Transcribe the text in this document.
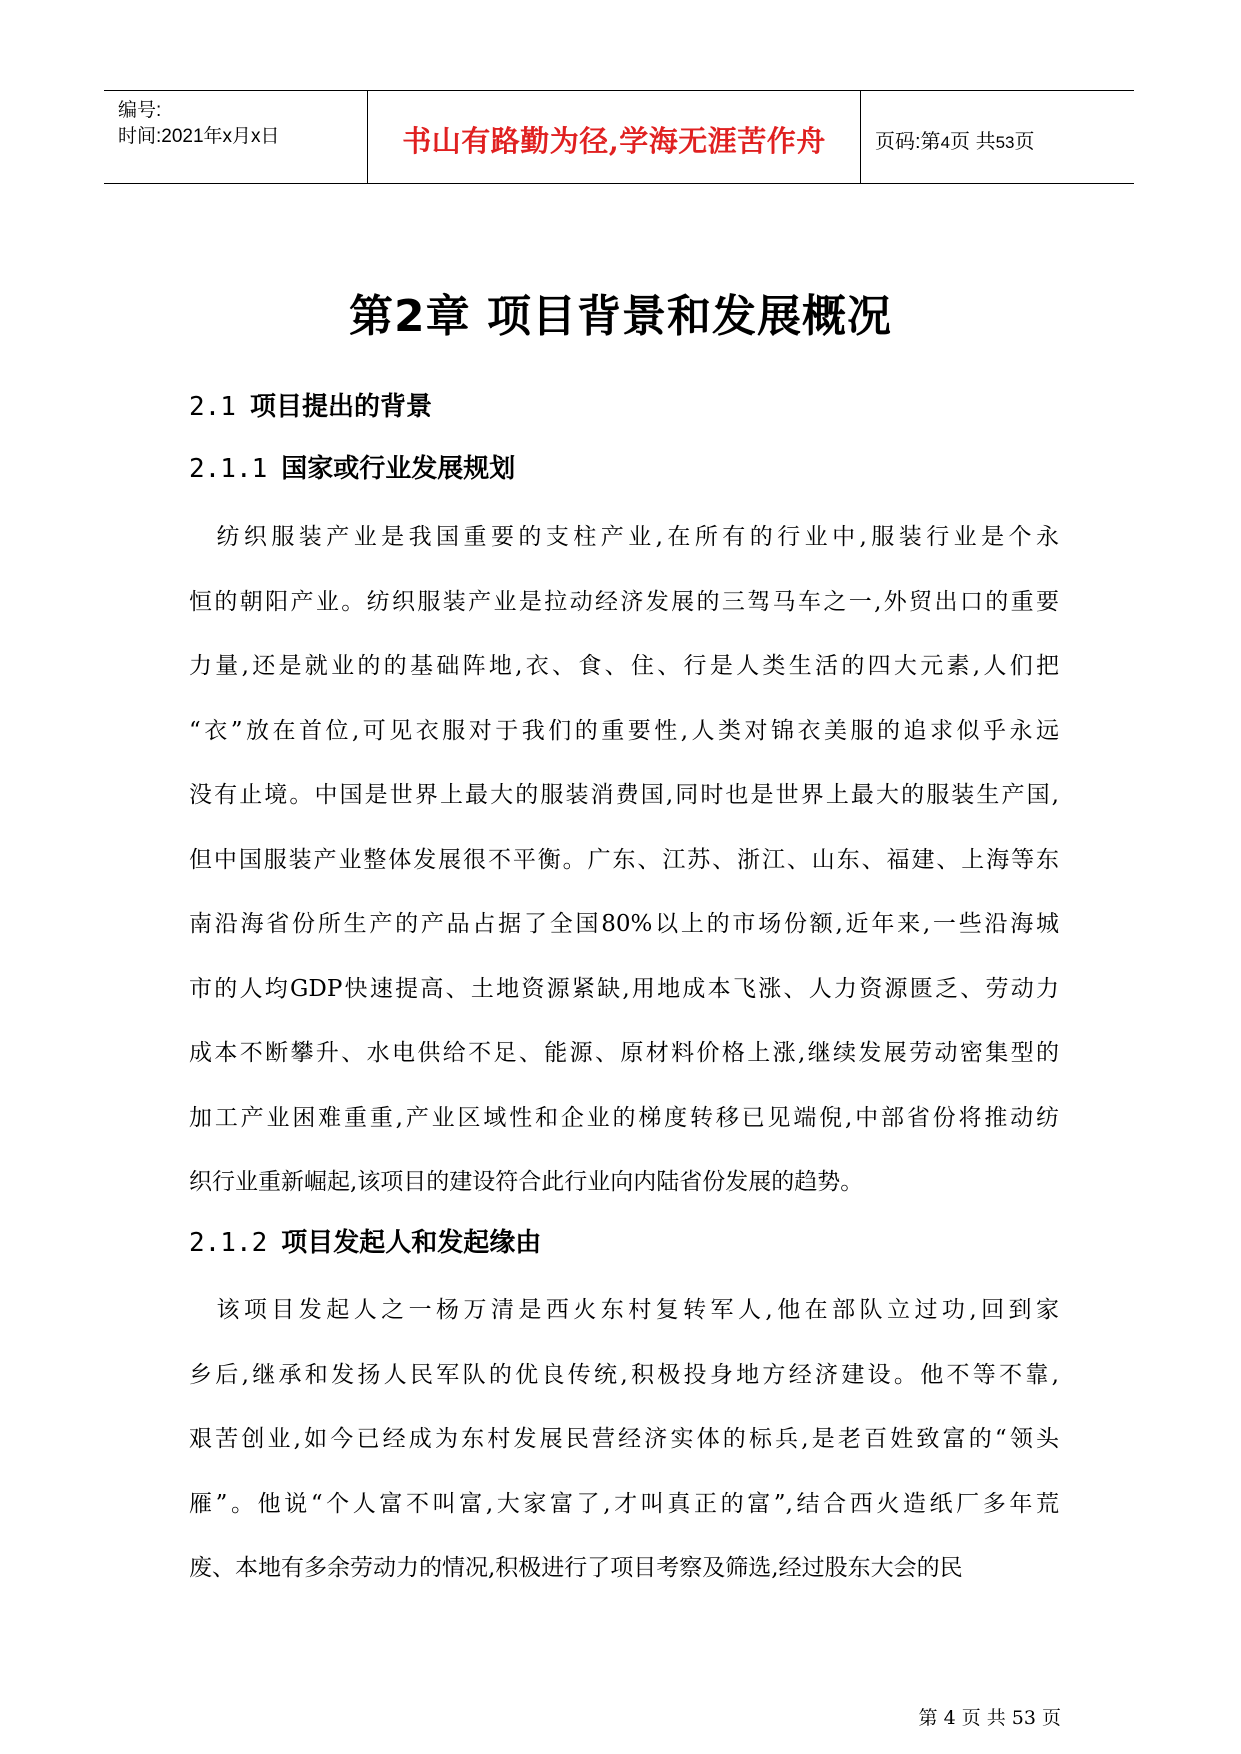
编号:
时间:2021年x月x日	书山有路勤为径,学海无涯苦作舟	页码:第4页 共53页
第2章 项目背景和发展概况
2.1 项目提出的背景
2.1.1 国家或行业发展规划

　纺织服装产业是我国重要的支柱产业,在所有的行业中,服装行业是个永
恒的朝阳产业。纺织服装产业是拉动经济发展的三驾马车之一,外贸出口的重要
力量,还是就业的的基础阵地,衣、食、住、行是人类生活的四大元素,人们把
“衣”放在首位,可见衣服对于我们的重要性,人类对锦衣美服的追求似乎永远
没有止境。中国是世界上最大的服装消费国,同时也是世界上最大的服装生产国,
但中国服装产业整体发展很不平衡。广东、江苏、浙江、山东、福建、上海等东
南沿海省份所生产的产品占据了全国80%以上的市场份额,近年来,一些沿海城
市的人均GDP快速提高、土地资源紧缺,用地成本飞涨、人力资源匮乏、劳动力
成本不断攀升、水电供给不足、能源、原材料价格上涨,继续发展劳动密集型的
加工产业困难重重,产业区域性和企业的梯度转移已见端倪,中部省份将推动纺
织行业重新崛起,该项目的建设符合此行业向内陆省份发展的趋势。

2.1.2 项目发起人和发起缘由

　该项目发起人之一杨万清是西火东村复转军人,他在部队立过功,回到家
乡后,继承和发扬人民军队的优良传统,积极投身地方经济建设。他不等不靠,
艰苦创业,如今已经成为东村发展民营经济实体的标兵,是老百姓致富的“领头
雁”。他说“个人富不叫富,大家富了,才叫真正的富”,结合西火造纸厂多年荒
废、本地有多余劳动力的情况,积极进行了项目考察及筛选,经过股东大会的民

第 4 页 共 53 页
